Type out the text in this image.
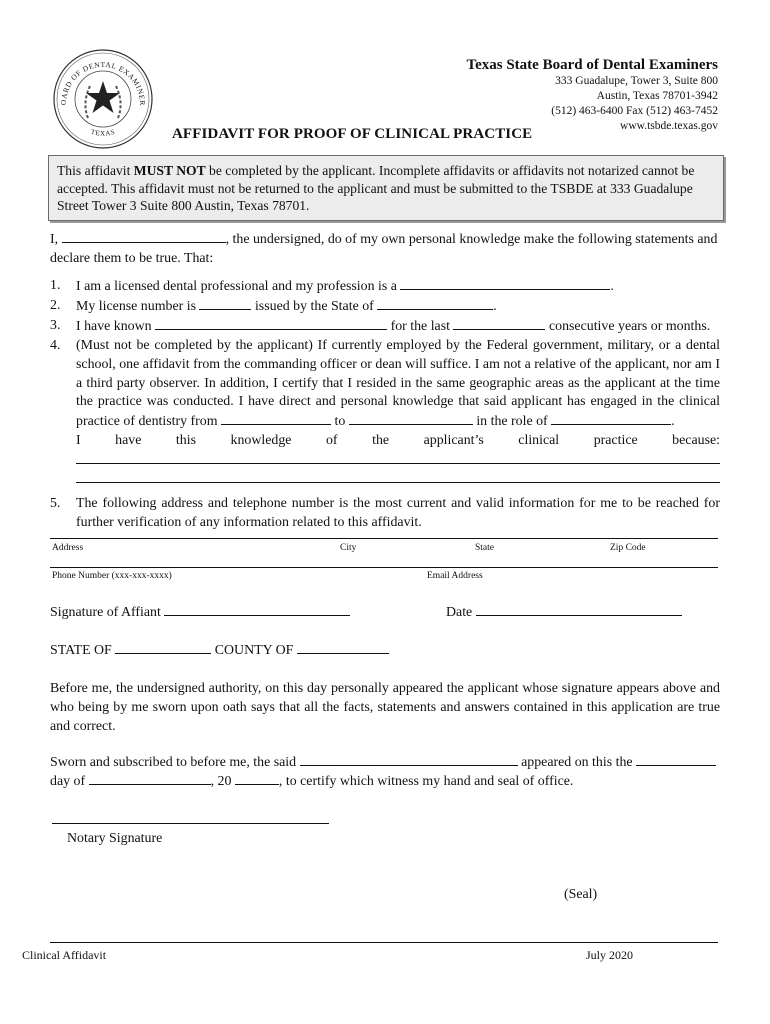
OARD OF DENTAL EXAMINER
TEXAS
Texas State Board of Dental Examiners
333 Guadalupe, Tower 3, Suite 800
Austin, Texas 78701-3942
(512) 463-6400 Fax (512) 463-7452
www.tsbde.texas.gov
AFFIDAVIT FOR PROOF OF CLINICAL PRACTICE
This affidavit MUST NOT be completed by the applicant. Incomplete affidavits or affidavits not notarized cannot be accepted. This affidavit must not be returned to the applicant and must be submitted to the TSBDE at 333 Guadalupe Street Tower 3 Suite 800 Austin, Texas 78701.
I,	, the undersigned, do of my own personal knowledge make the following statements and declare them to be true. That:
1. I am a licensed dental professional and my profession is a	.
2. My license number is	issued by the State of	.
3. I have known	for the last	consecutive years or months.
4. (Must not be completed by the applicant) If currently employed by the Federal government, military, or a dental school, one affidavit from the commanding officer or dean will suffice. I am not a relative of the applicant, nor am I a third party observer. In addition, I certify that I resided in the same geographic areas as the applicant at the time the practice was conducted. I have direct and personal knowledge that said applicant has engaged in the clinical practice of dentistry from	to	in the role of	.
I have this knowledge of the applicant’s clinical practice because:
5. The following address and telephone number is the most current and valid information for me to be reached for further verification of any information related to this affidavit.
Address	City	State	Zip Code
Phone Number (xxx-xxx-xxxx)	Email Address
Signature of Affiant	Date
STATE OF	COUNTY OF
Before me, the undersigned authority, on this day personally appeared the applicant whose signature appears above and who being by me sworn upon oath says that all the facts, statements and answers contained in this application are true and correct.
Sworn and subscribed to before me, the said	appeared on this the
day of	, 20	, to certify which witness my hand and seal of office.
Notary Signature
(Seal)
Clinical Affidavit	July 2020
